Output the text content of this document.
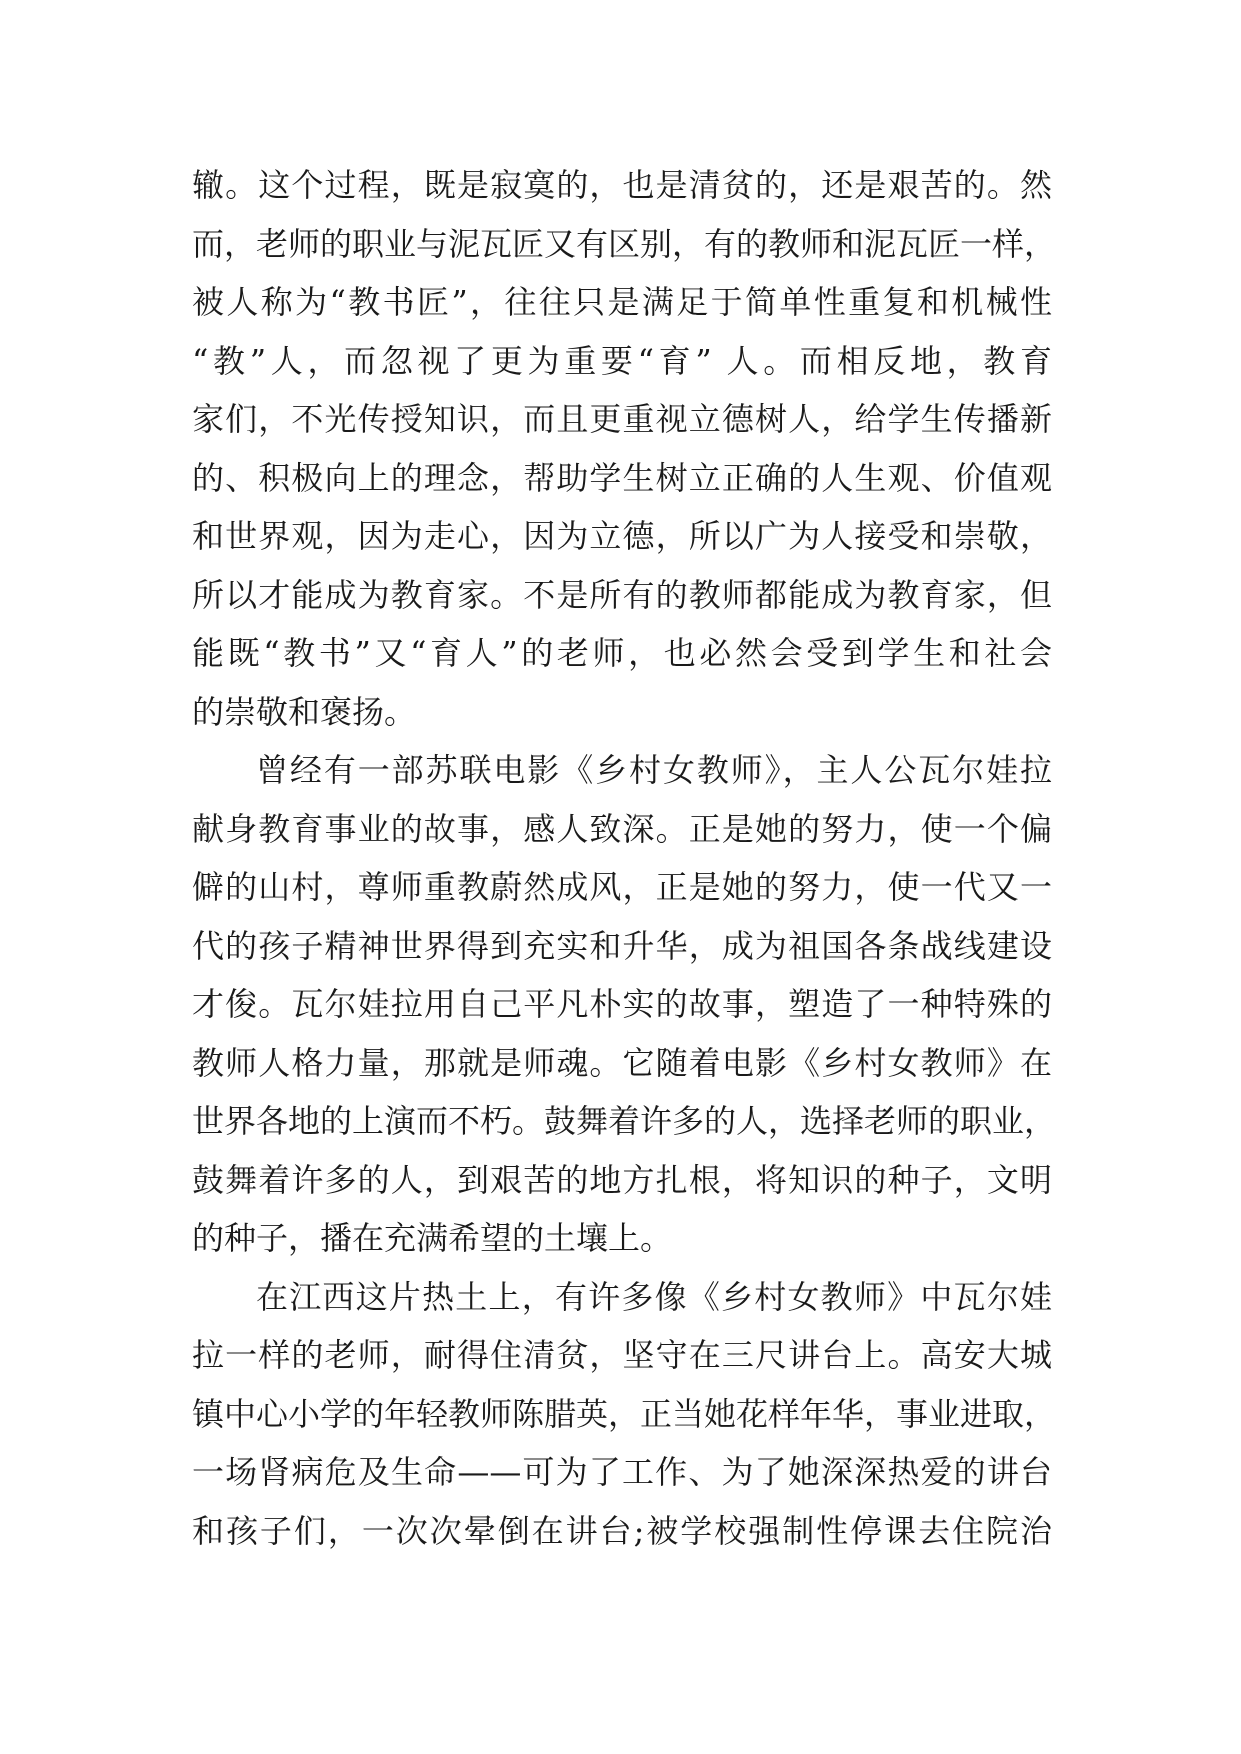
辙。这个过程，既是寂寞的，也是清贫的，还是艰苦的。然
而，老师的职业与泥瓦匠又有区别，有的教师和泥瓦匠一样，
被人称为“教书匠”，往往只是满足于简单性重复和机械性
“教”人，而忽视了更为重要“育” 人。而相反地，教育
家们，不光传授知识，而且更重视立德树人，给学生传播新
的、积极向上的理念，帮助学生树立正确的人生观、价值观
和世界观，因为走心，因为立德，所以广为人接受和崇敬，
所以才能成为教育家。不是所有的教师都能成为教育家，但
能既“教书”又“育人”的老师，也必然会受到学生和社会
的崇敬和褒扬。
曾经有一部苏联电影《乡村女教师》，主人公瓦尔娃拉
献身教育事业的故事，感人致深。正是她的努力，使一个偏
僻的山村，尊师重教蔚然成风，正是她的努力，使一代又一
代的孩子精神世界得到充实和升华，成为祖国各条战线建设
才俊。瓦尔娃拉用自己平凡朴实的故事，塑造了一种特殊的
教师人格力量，那就是师魂。它随着电影《乡村女教师》在
世界各地的上演而不朽。鼓舞着许多的人，选择老师的职业，
鼓舞着许多的人，到艰苦的地方扎根，将知识的种子，文明
的种子，播在充满希望的土壤上。
在江西这片热土上，有许多像《乡村女教师》中瓦尔娃
拉一样的老师，耐得住清贫，坚守在三尺讲台上。高安大城
镇中心小学的年轻教师陈腊英，正当她花样年华，事业进取，
一场肾病危及生命——可为了工作、为了她深深热爱的讲台
和孩子们，一次次晕倒在讲台;被学校强制性停课去住院治
